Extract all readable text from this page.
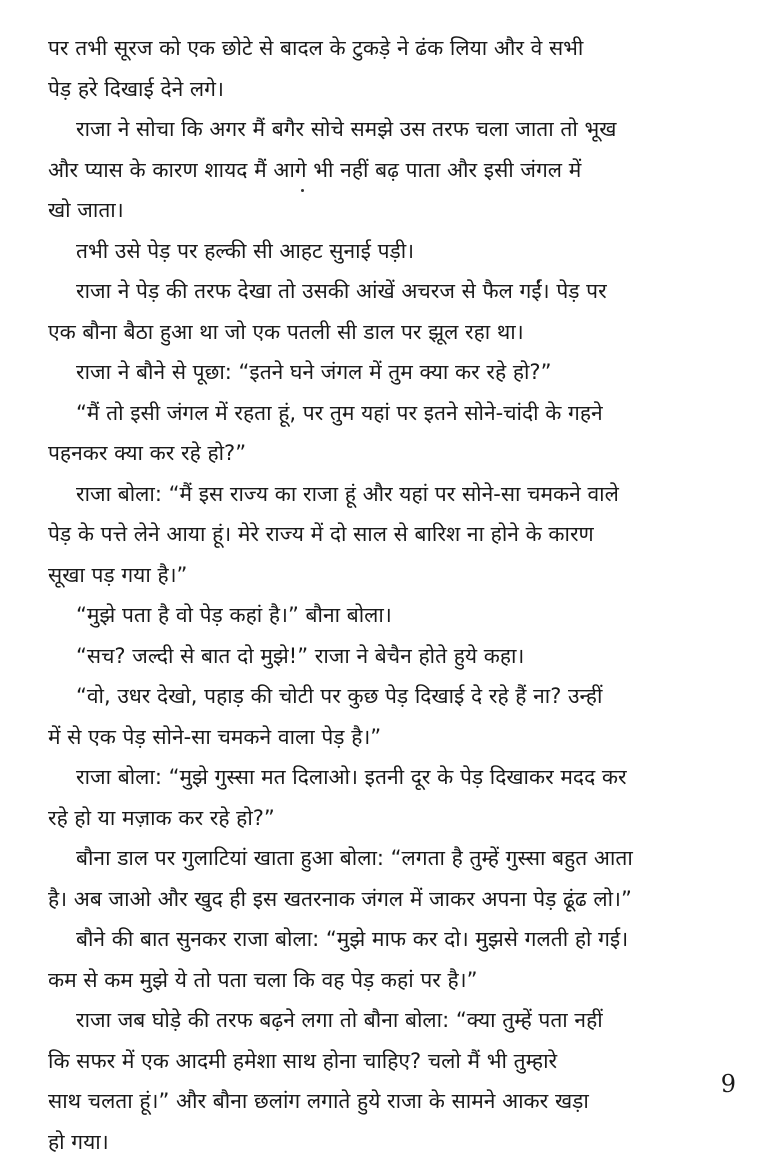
पर तभी सूरज को एक छोटे से बादल के टुकड़े ने ढंक लिया और वे सभी
पेड़ हरे दिखाई देने लगे।
राजा ने सोचा कि अगर मैं बगैर सोचे समझे उस तरफ चला जाता तो भूख
और प्यास के कारण शायद मैं आगे भी नहीं बढ़ पाता और इसी जंगल में
खो जाता।
तभी उसे पेड़ पर हल्की सी आहट सुनाई पड़ी।
राजा ने पेड़ की तरफ देखा तो उसकी आंखें अचरज से फैल गईं। पेड़ पर
एक बौना बैठा हुआ था जो एक पतली सी डाल पर झूल रहा था।
राजा ने बौने से पूछा: “इतने घने जंगल में तुम क्या कर रहे हो?”
“मैं तो इसी जंगल में रहता हूं, पर तुम यहां पर इतने सोने-चांदी के गहने
पहनकर क्या कर रहे हो?”
राजा बोला: “मैं इस राज्य का राजा हूं और यहां पर सोने-सा चमकने वाले
पेड़ के पत्ते लेने आया हूं। मेरे राज्य में दो साल से बारिश ना होने के कारण
सूखा पड़ गया है।”
“मुझे पता है वो पेड़ कहां है।” बौना बोला।
“सच? जल्दी से बात दो मुझे!” राजा ने बेचैन होते हुये कहा।
“वो, उधर देखो, पहाड़ की चोटी पर कुछ पेड़ दिखाई दे रहे हैं ना? उन्हीं
में से एक पेड़ सोने-सा चमकने वाला पेड़ है।”
राजा बोला: “मुझे गुस्सा मत दिलाओ। इतनी दूर के पेड़ दिखाकर मदद कर
रहे हो या मज़ाक कर रहे हो?”
बौना डाल पर गुलाटियां खाता हुआ बोला: “लगता है तुम्हें गुस्सा बहुत आता
है। अब जाओ और खुद ही इस खतरनाक जंगल में जाकर अपना पेड़ ढूंढ लो।”
बौने की बात सुनकर राजा बोला: “मुझे माफ कर दो। मुझसे गलती हो गई।
कम से कम मुझे ये तो पता चला कि वह पेड़ कहां पर है।”
राजा जब घोड़े की तरफ बढ़ने लगा तो बौना बोला: “क्या तुम्हें पता नहीं
कि सफर में एक आदमी हमेशा साथ होना चाहिए? चलो मैं भी तुम्हारे
साथ चलता हूं।” और बौना छलांग लगाते हुये राजा के सामने आकर खड़ा
हो गया।
9
